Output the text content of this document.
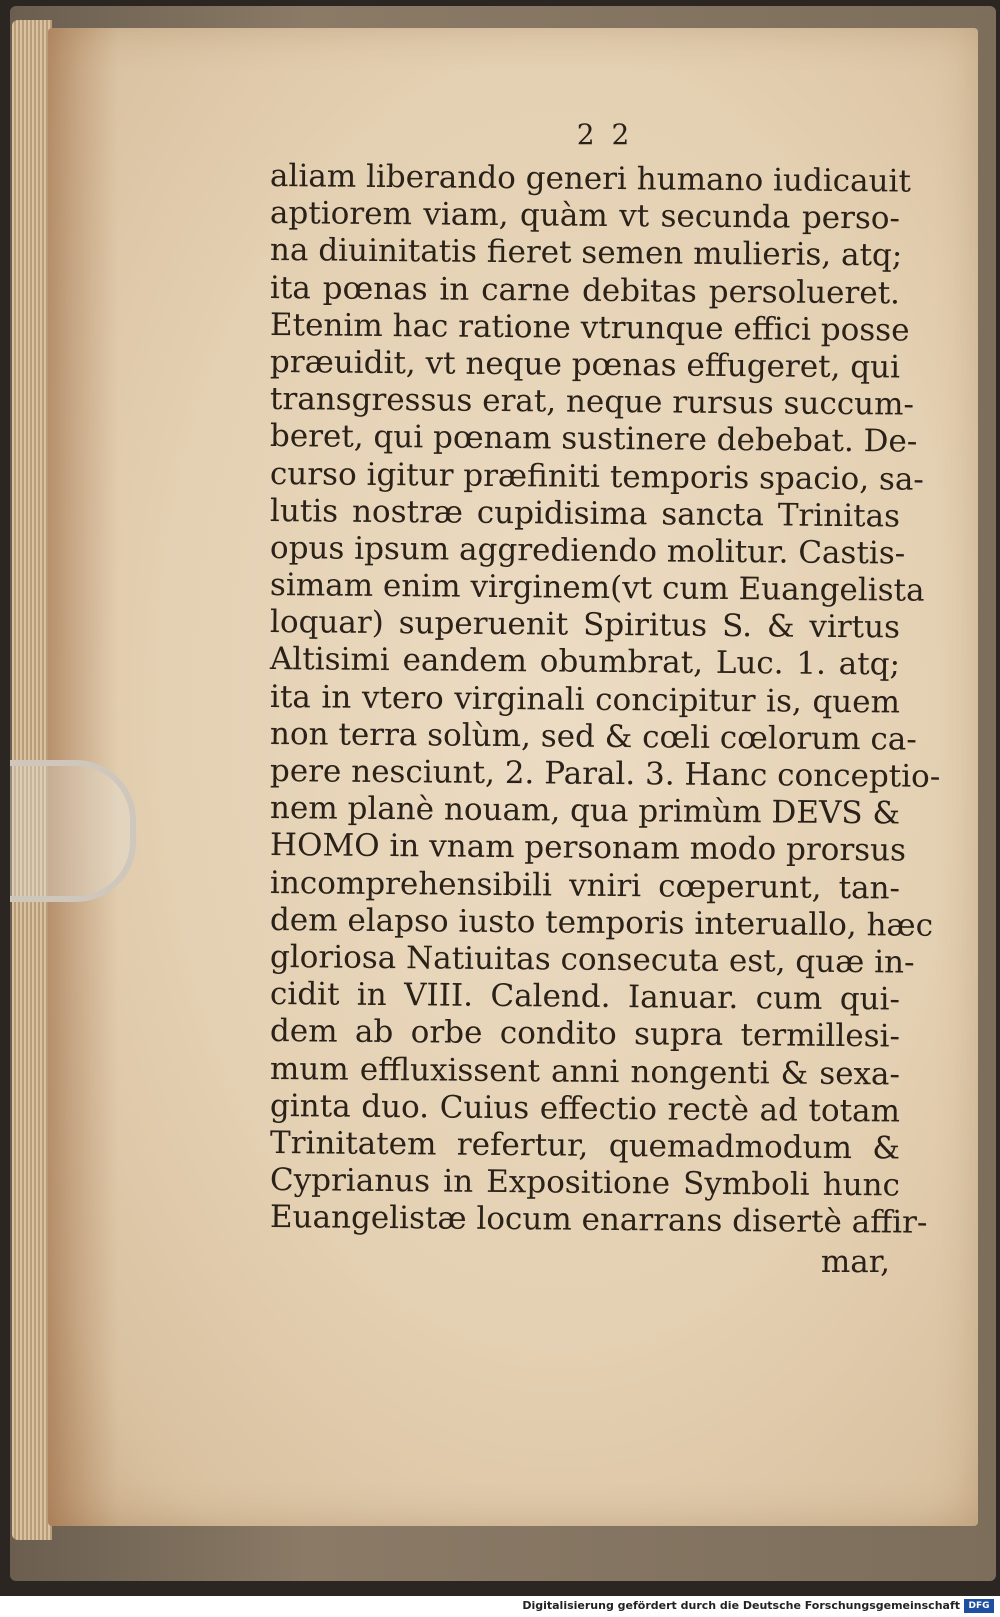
2 2
aliam liberando generi humano iudicauit
aptiorem viam, quàm vt secunda perso-
na diuinitatis fieret semen mulieris, atq;
ita pœnas in carne debitas persolueret.
Etenim hac ratione vtrunque effici posse
præuidit, vt neque pœnas effugeret, qui
transgressus erat, neque rursus succum-
beret, qui pœnam sustinere debebat. De-
curso igitur præfiniti temporis spacio, sa-
lutis nostræ cupidisima sancta Trinitas
opus ipsum aggrediendo molitur. Castis-
simam enim virginem(vt cum Euangelista
loquar) superuenit Spiritus S. & virtus
Altisimi eandem obumbrat, Luc. 1. atq;
ita in vtero virginali concipitur is, quem
non terra solùm, sed & cœli cœlorum ca-
pere nesciunt, 2. Paral. 3. Hanc conceptio-
nem planè nouam, qua primùm DEVS &
HOMO in vnam personam modo prorsus
incomprehensibili vniri cœperunt, tan-
dem elapso iusto temporis interuallo, hæc
gloriosa Natiuitas consecuta est, quæ in-
cidit in VIII. Calend. Ianuar. cum qui-
dem ab orbe condito supra termillesi-
mum effluxissent anni nongenti & sexa-
ginta duo. Cuius effectio rectè ad totam
Trinitatem refertur, quemadmodum &
Cyprianus in Expositione Symboli hunc
Euangelistæ locum enarrans disertè affir-
mar,
Digitalisierung gefördert durch die Deutsche Forschungsgemeinschaft DFG
